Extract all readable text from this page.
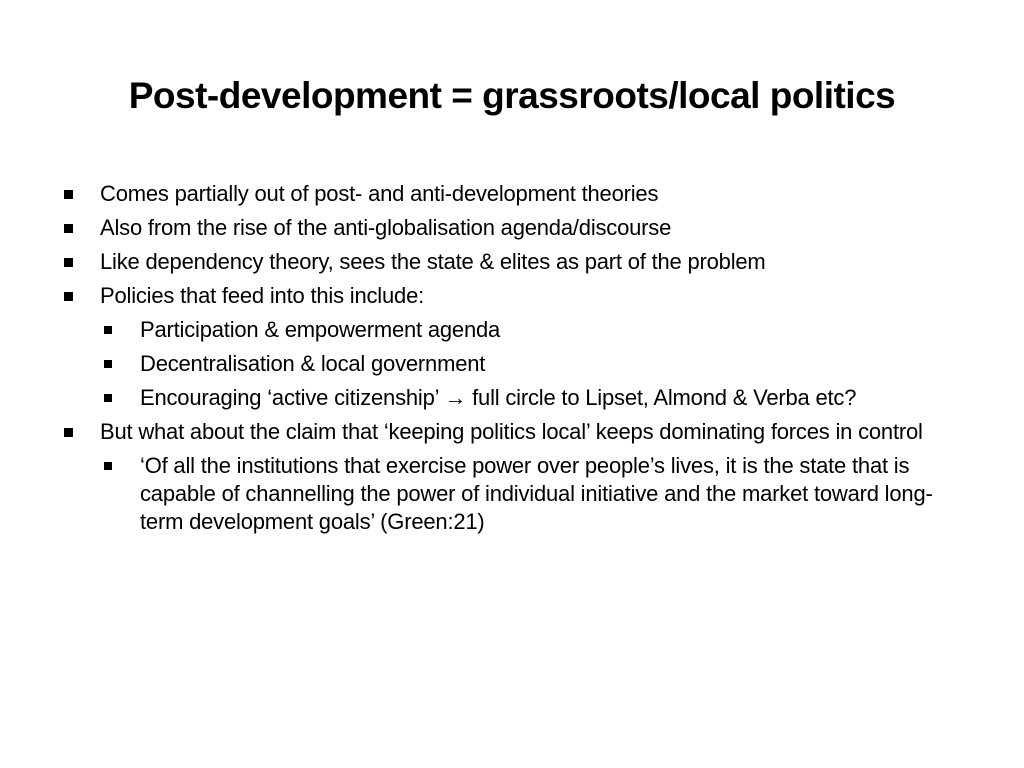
Post-development = grassroots/local politics
Comes partially out of post- and anti-development theories
Also from the rise of the anti-globalisation agenda/discourse
Like dependency theory, sees the state & elites as part of the problem
Policies that feed into this include:
Participation & empowerment agenda
Decentralisation & local government
Encouraging ‘active citizenship’ → full circle to Lipset, Almond & Verba etc?
But what about the claim that ‘keeping politics local’ keeps dominating forces in control
‘Of all the institutions that exercise power over people’s lives, it is the state that is capable of channelling the power of individual initiative and the market toward long-term development goals’ (Green:21)
